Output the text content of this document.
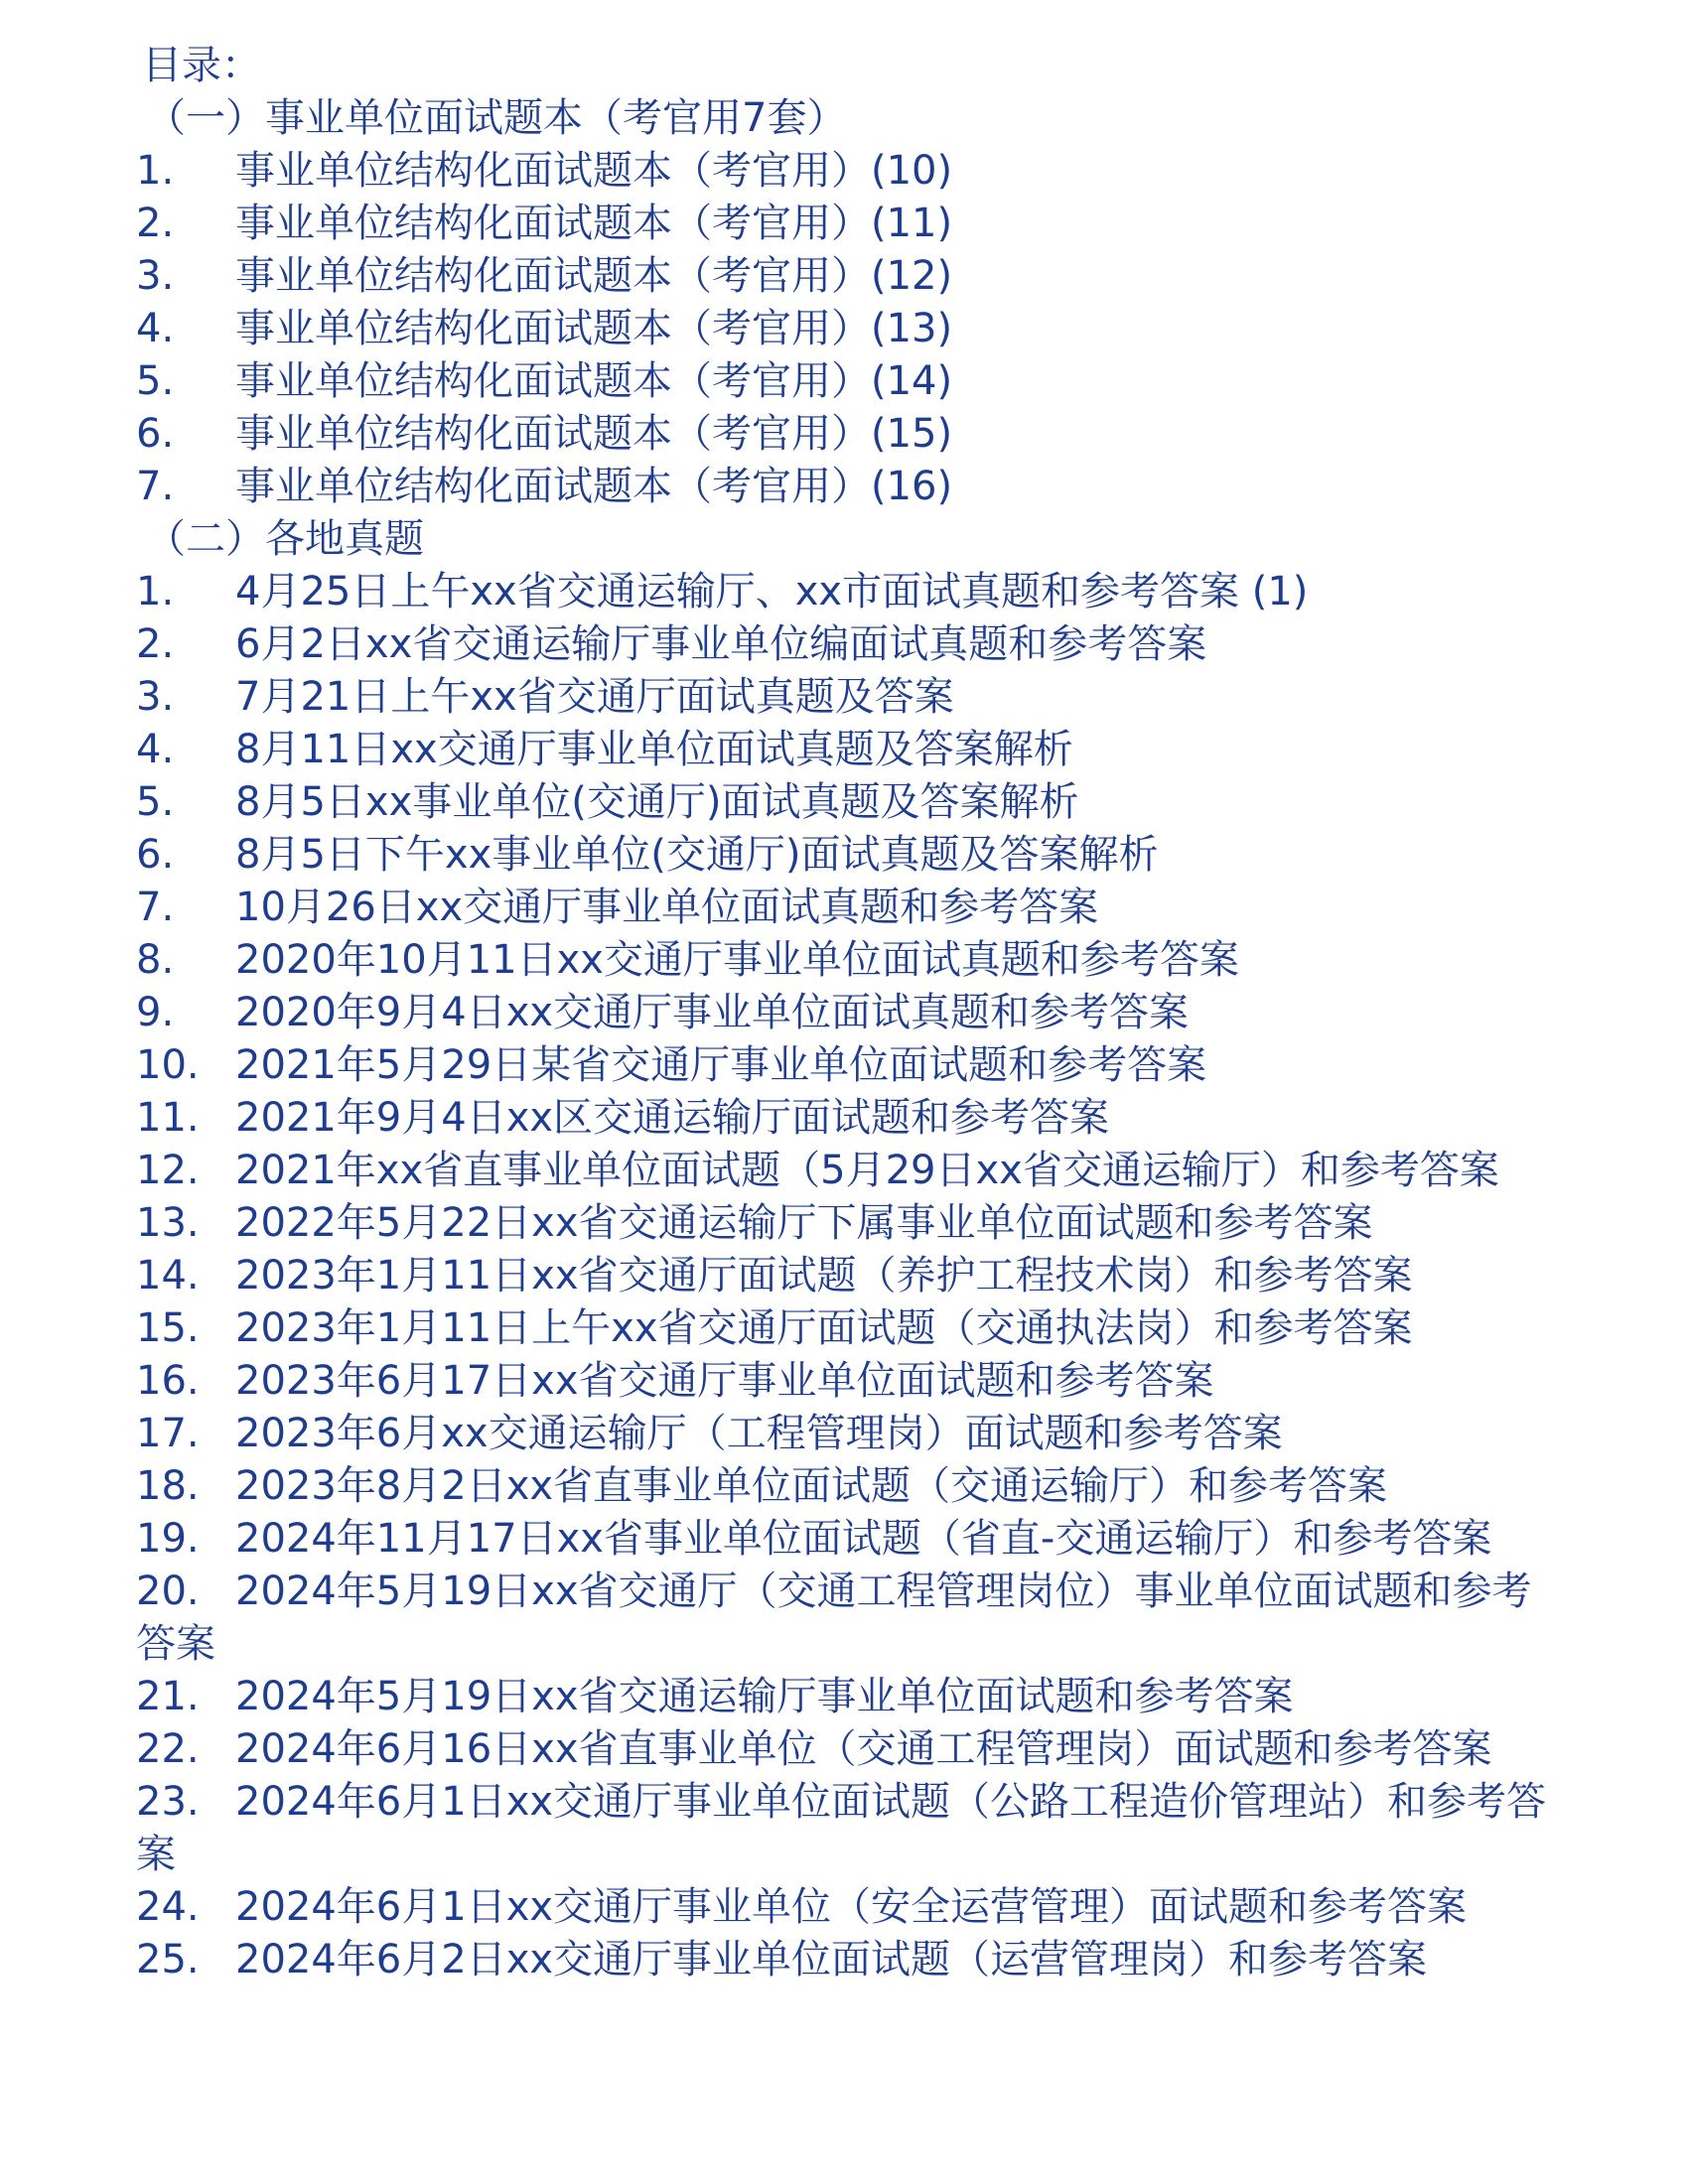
目录：
（一）事业单位面试题本（考官用7套）
1.	事业单位结构化面试题本（考官用）(10)
2.	事业单位结构化面试题本（考官用）(11)
3.	事业单位结构化面试题本（考官用）(12)
4.	事业单位结构化面试题本（考官用）(13)
5.	事业单位结构化面试题本（考官用）(14)
6.	事业单位结构化面试题本（考官用）(15)
7.	事业单位结构化面试题本（考官用）(16)
（二）各地真题
1.	4月25日上午xx省交通运输厅、xx市面试真题和参考答案 (1)
2.	6月2日xx省交通运输厅事业单位编面试真题和参考答案
3.	7月21日上午xx省交通厅面试真题及答案
4.	8月11日xx交通厅事业单位面试真题及答案解析
5.	8月5日xx事业单位(交通厅)面试真题及答案解析
6.	8月5日下午xx事业单位(交通厅)面试真题及答案解析
7.	10月26日xx交通厅事业单位面试真题和参考答案
8.	2020年10月11日xx交通厅事业单位面试真题和参考答案
9.	2020年9月4日xx交通厅事业单位面试真题和参考答案
10. 2021年5月29日某省交通厅事业单位面试题和参考答案
11. 2021年9月4日xx区交通运输厅面试题和参考答案
12. 2021年xx省直事业单位面试题（5月29日xx省交通运输厅）和参考答案
13. 2022年5月22日xx省交通运输厅下属事业单位面试题和参考答案
14. 2023年1月11日xx省交通厅面试题（养护工程技术岗）和参考答案
15. 2023年1月11日上午xx省交通厅面试题（交通执法岗）和参考答案
16. 2023年6月17日xx省交通厅事业单位面试题和参考答案
17. 2023年6月xx交通运输厅（工程管理岗）面试题和参考答案
18. 2023年8月2日xx省直事业单位面试题（交通运输厅）和参考答案
19. 2024年11月17日xx省事业单位面试题（省直-交通运输厅）和参考答案
20. 2024年5月19日xx省交通厅（交通工程管理岗位）事业单位面试题和参考答案
21. 2024年5月19日xx省交通运输厅事业单位面试题和参考答案
22. 2024年6月16日xx省直事业单位（交通工程管理岗）面试题和参考答案
23. 2024年6月1日xx交通厅事业单位面试题（公路工程造价管理站）和参考答案
24. 2024年6月1日xx交通厅事业单位（安全运营管理）面试题和参考答案
25. 2024年6月2日xx交通厅事业单位面试题（运营管理岗）和参考答案
